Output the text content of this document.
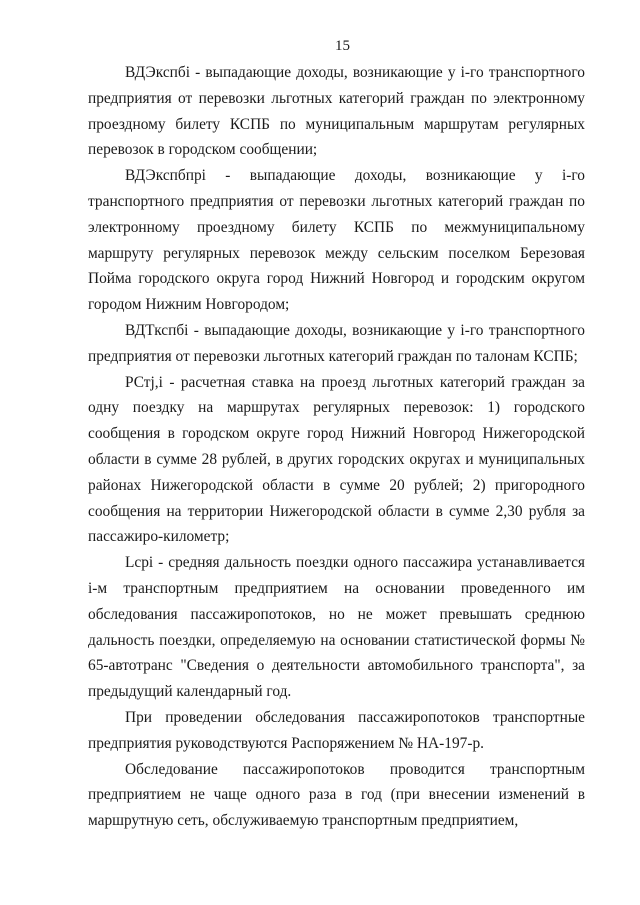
15

ВДЭкспбi - выпадающие доходы, возникающие у i-го транспортного предприятия от перевозки льготных категорий граждан по электронному проездному билету КСПБ по муниципальным маршрутам регулярных перевозок в городском сообщении;

ВДЭкспбпрi - выпадающие доходы, возникающие у i-го транспортного предприятия от перевозки льготных категорий граждан по электронному проездному билету КСПБ по межмуниципальному маршруту регулярных перевозок между сельским поселком Березовая Пойма городского округа город Нижний Новгород и городским округом городом Нижним Новгородом;

ВДТкспбi - выпадающие доходы, возникающие у i-го транспортного предприятия от перевозки льготных категорий граждан по талонам КСПБ;

РСтj,i - расчетная ставка на проезд льготных категорий граждан за одну поездку на маршрутах регулярных перевозок: 1) городского сообщения в городском округе город Нижний Новгород Нижегородской области в сумме 28 рублей, в других городских округах и муниципальных районах Нижегородской области в сумме 20 рублей; 2) пригородного сообщения на территории Нижегородской области в сумме 2,30 рубля за пассажиро-километр;

Lсрi - средняя дальность поездки одного пассажира устанавливается i-м транспортным предприятием на основании проведенного им обследования пассажиропотоков, но не может превышать среднюю дальность поездки, определяемую на основании статистической формы № 65-автотранс "Сведения о деятельности автомобильного транспорта", за предыдущий календарный год.

При проведении обследования пассажиропотоков транспортные предприятия руководствуются Распоряжением № НА-197-р.

Обследование пассажиропотоков проводится транспортным предприятием не чаще одного раза в год (при внесении изменений в маршрутную сеть, обслуживаемую транспортным предприятием,
